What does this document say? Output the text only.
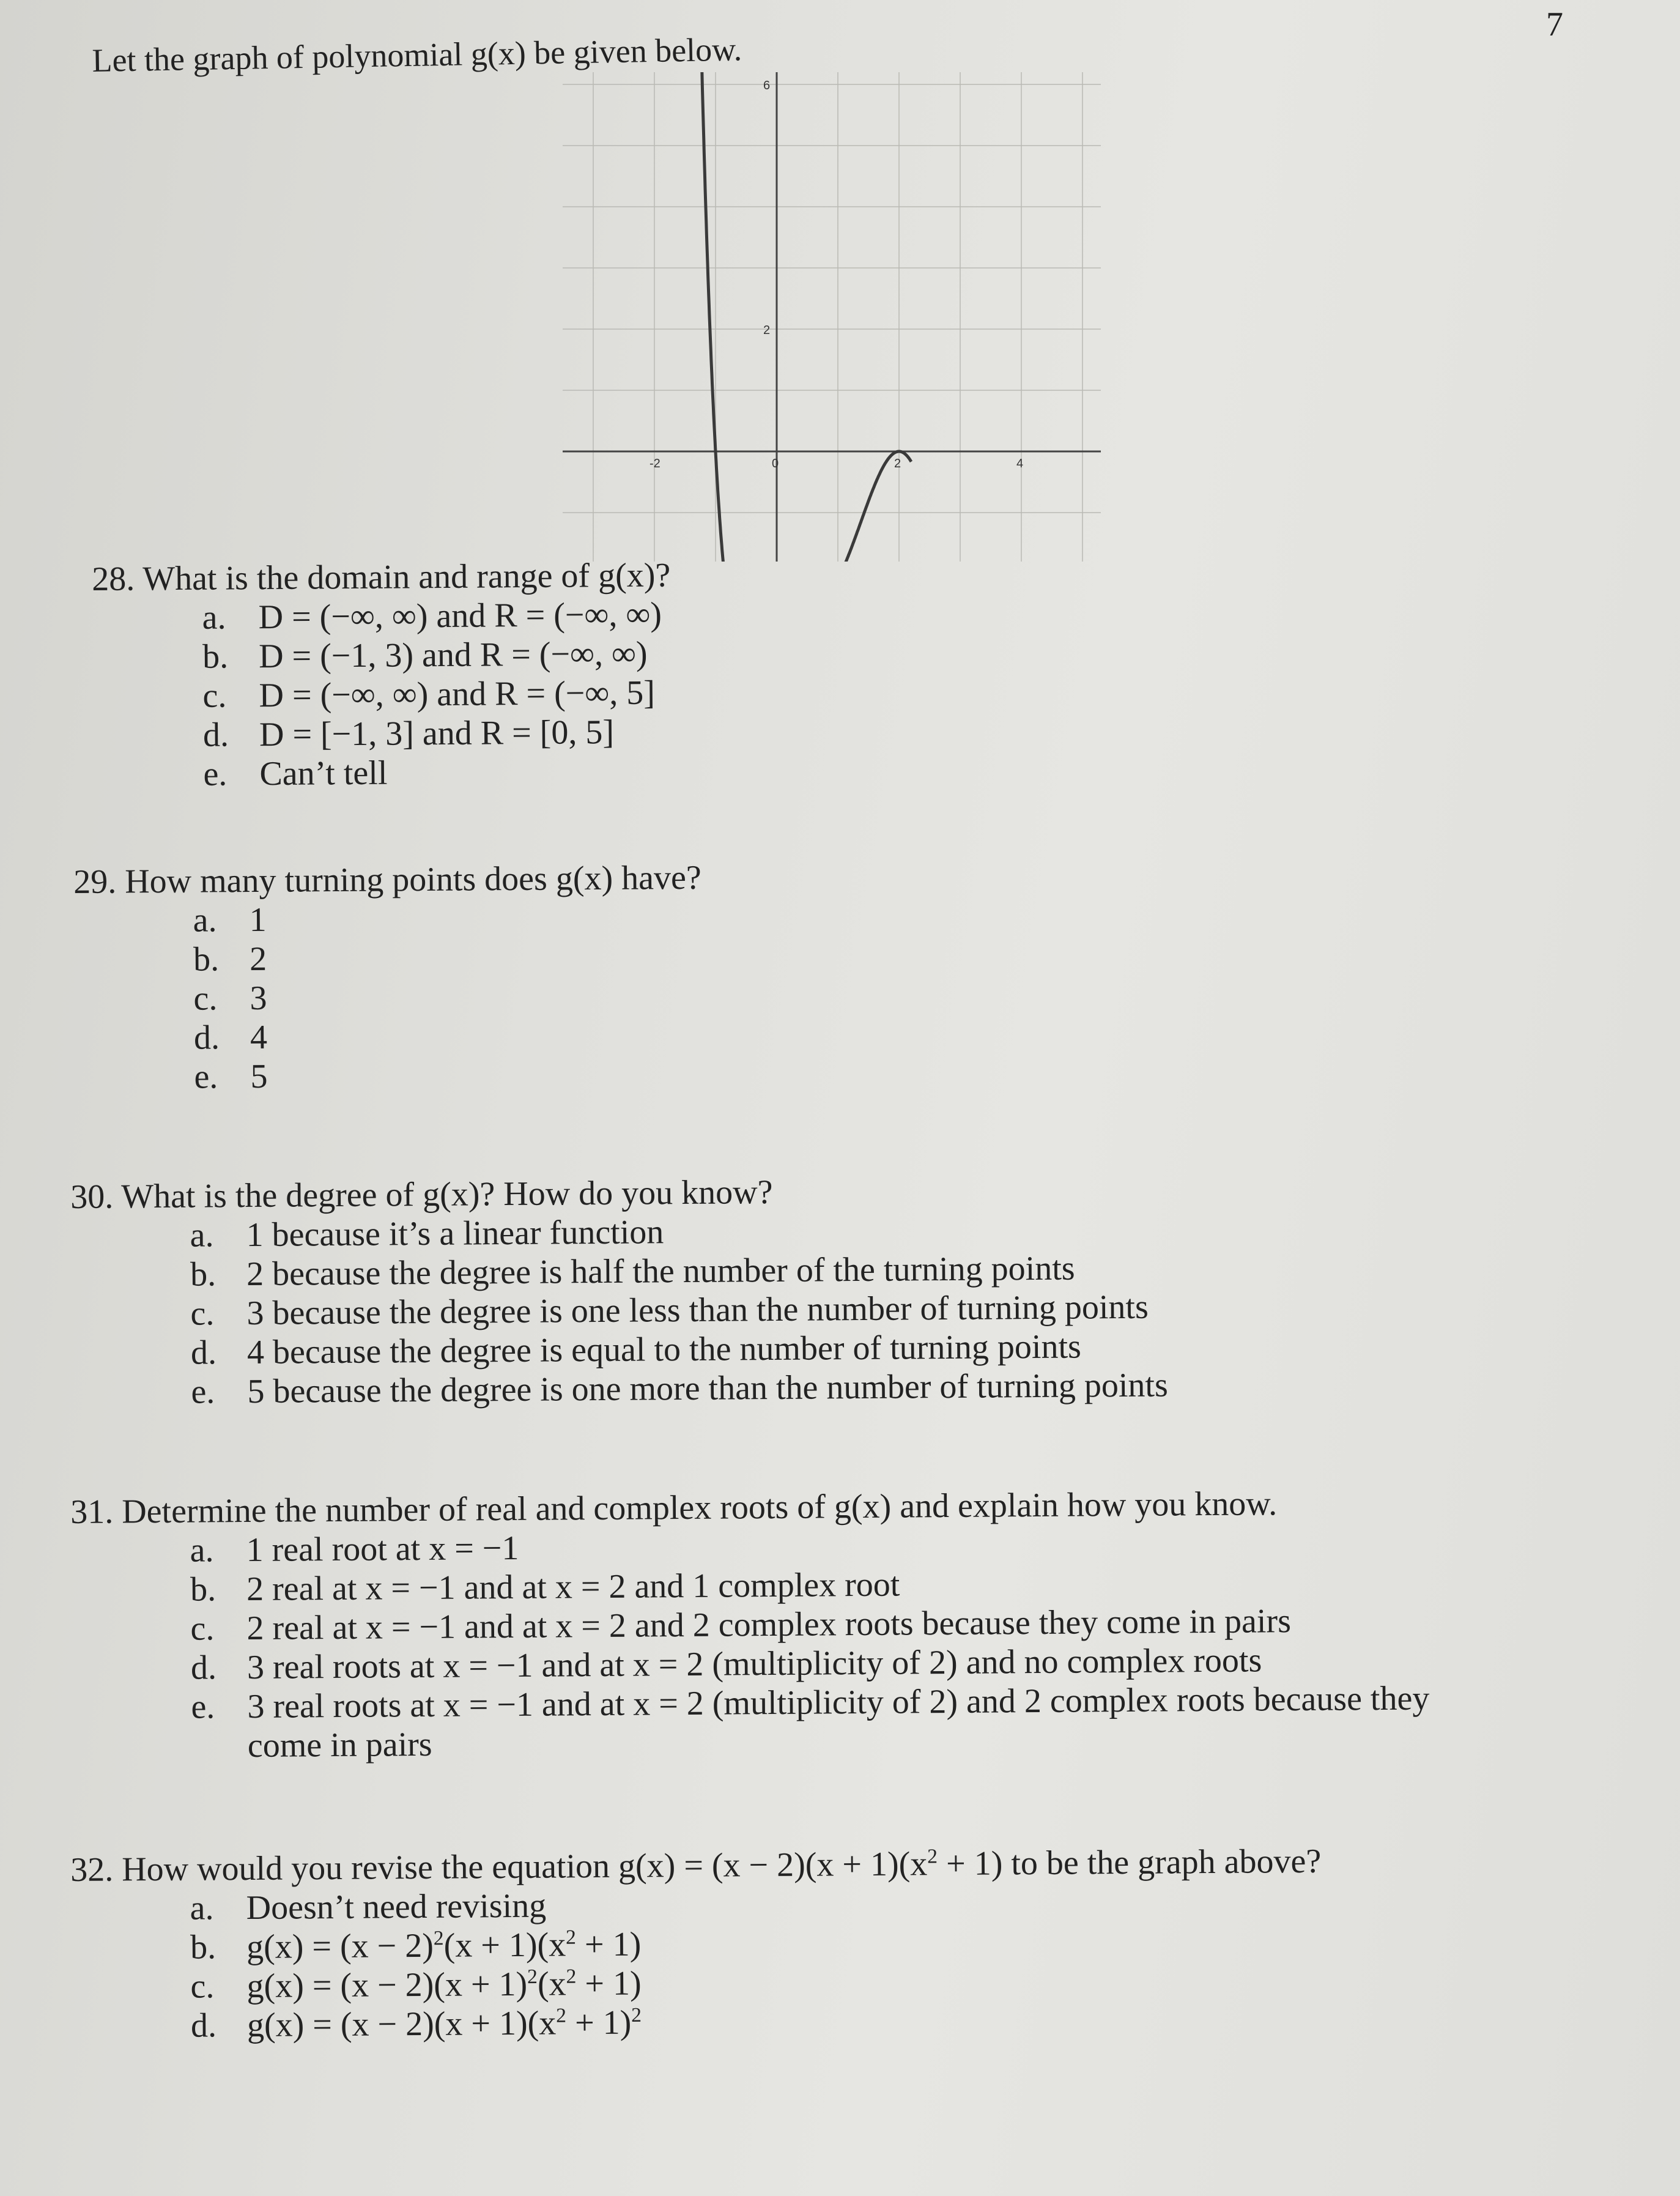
7
Let the graph of polynomial g(x) be given below.
-2	0	2	4
2
6

28. What is the domain and range of g(x)?

a. D = (−∞, ∞) and R = (−∞, ∞)
b. D = (−1, 3) and R = (−∞, ∞)
c. D = (−∞, ∞) and R = (−∞, 5]
d. D = [−1, 3] and R = [0, 5]
e. Can’t tell

29. How many turning points does g(x) have?

a. 1
b. 2
c. 3
d. 4
e. 5

30. What is the degree of g(x)? How do you know?

a. 1 because it’s a linear function
b. 2 because the degree is half the number of the turning points
c. 3 because the degree is one less than the number of turning points
d. 4 because the degree is equal to the number of turning points
e. 5 because the degree is one more than the number of turning points

31. Determine the number of real and complex roots of g(x) and explain how you know.

a. 1 real root at x = −1
b. 2 real at x = −1 and at x = 2 and 1 complex root
c. 2 real at x = −1 and at x = 2 and 2 complex roots because they come in pairs
d. 3 real roots at x = −1 and at x = 2 (multiplicity of 2) and no complex roots
e. 3 real roots at x = −1 and at x = 2 (multiplicity of 2) and 2 complex roots because they
come in pairs

32. How would you revise the equation $g(x) = (x - 2)(x + 1)(x^2 + 1)$ to be the graph above?

a. Doesn’t need revising
b. $g(x) = (x - 2)^2(x + 1)(x^2 + 1)$
c. $g(x) = (x - 2)(x + 1)^2(x^2 + 1)$
d. $g(x) = (x - 2)(x + 1)(x^2 + 1)^2$
